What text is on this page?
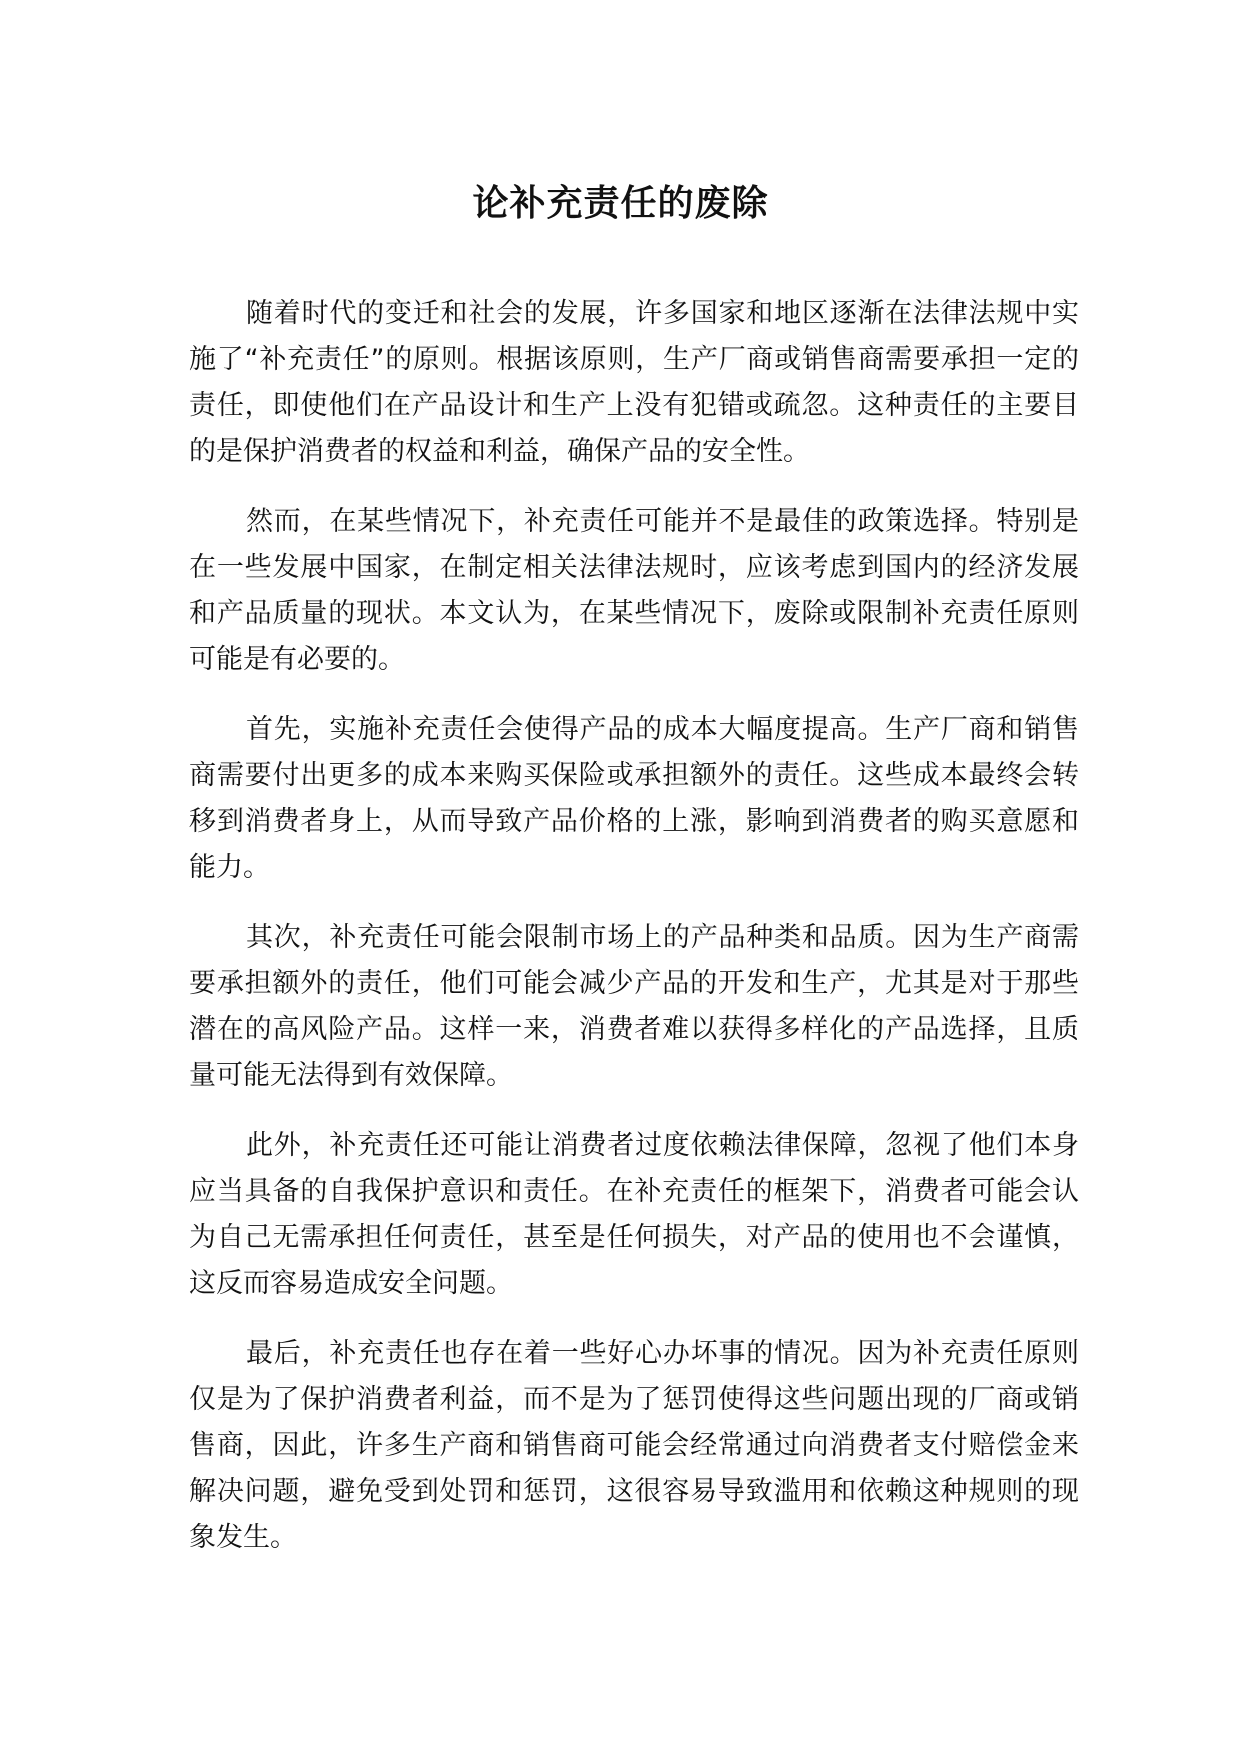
论补充责任的废除

随着时代的变迁和社会的发展，许多国家和地区逐渐在法律法规中实施了“补充责任”的原则。根据该原则，生产厂商或销售商需要承担一定的责任，即使他们在产品设计和生产上没有犯错或疏忽。这种责任的主要目的是保护消费者的权益和利益，确保产品的安全性。

然而，在某些情况下，补充责任可能并不是最佳的政策选择。特别是在一些发展中国家，在制定相关法律法规时，应该考虑到国内的经济发展和产品质量的现状。本文认为，在某些情况下，废除或限制补充责任原则可能是有必要的。

首先，实施补充责任会使得产品的成本大幅度提高。生产厂商和销售商需要付出更多的成本来购买保险或承担额外的责任。这些成本最终会转移到消费者身上，从而导致产品价格的上涨，影响到消费者的购买意愿和能力。

其次，补充责任可能会限制市场上的产品种类和品质。因为生产商需要承担额外的责任，他们可能会减少产品的开发和生产，尤其是对于那些潜在的高风险产品。这样一来，消费者难以获得多样化的产品选择，且质量可能无法得到有效保障。

此外，补充责任还可能让消费者过度依赖法律保障，忽视了他们本身应当具备的自我保护意识和责任。在补充责任的框架下，消费者可能会认为自己无需承担任何责任，甚至是任何损失，对产品的使用也不会谨慎，这反而容易造成安全问题。

最后，补充责任也存在着一些好心办坏事的情况。因为补充责任原则仅是为了保护消费者利益，而不是为了惩罚使得这些问题出现的厂商或销售商，因此，许多生产商和销售商可能会经常通过向消费者支付赔偿金来解决问题，避免受到处罚和惩罚，这很容易导致滥用和依赖这种规则的现象发生。
